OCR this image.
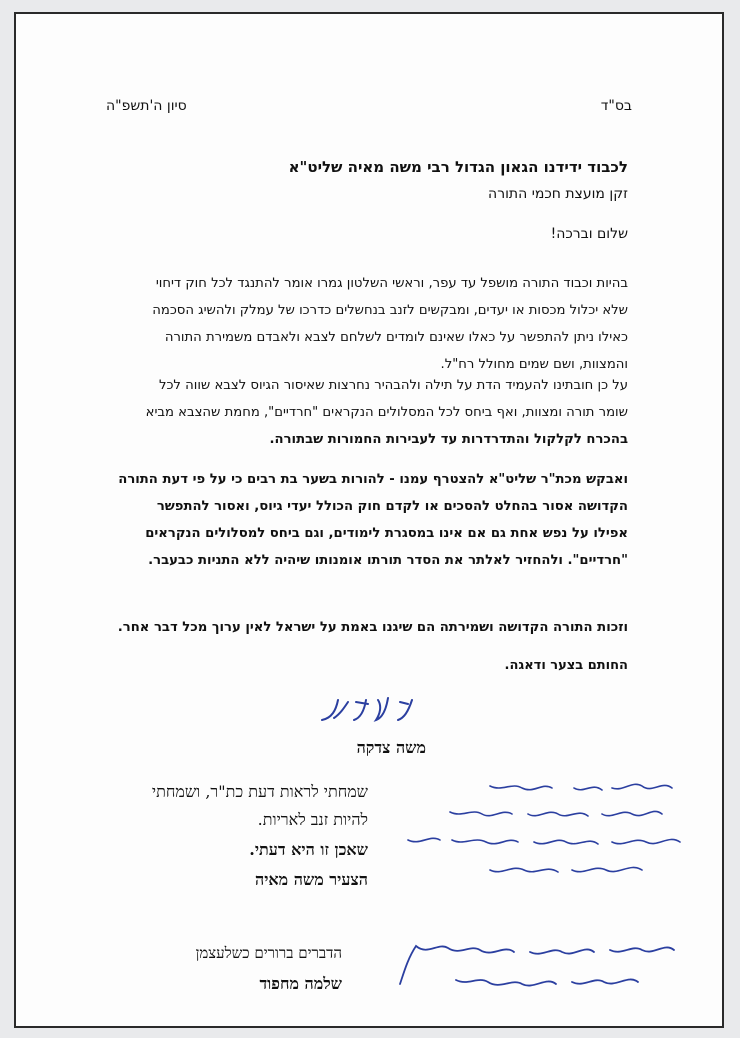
בס"ד
סיון ה'תשפ"ה
לכבוד ידידנו הגאון הגדול רבי משה מאיה שליט"א
זקן מועצת חכמי התורה
שלום וברכה!
בהיות וכבוד התורה מושפל עד עפר, וראשי השלטון גמרו אומר להתנגד לכל חוק דיחוי
שלא יכלול מכסות או יעדים, ומבקשים לזנב בנחשלים כדרכו של עמלק ולהשיג הסכמה
כאילו ניתן להתפשר על כאלו שאינם לומדים לשלחם לצבא ולאבדם משמירת התורה
והמצוות, ושם שמים מחולל רח"ל.
על כן חובתינו להעמיד הדת על תילה ולהבהיר נחרצות שאיסור הגיוס לצבא שווה לכל
שומר תורה ומצוות, ואף ביחס לכל המסלולים הנקראים "חרדיים", מחמת שהצבא מביא
בהכרח לקלקול והתדרדרות עד לעבירות החמורות שבתורה.
ואבקש מכת"ר שליט"א להצטרף עמנו - להורות בשער בת רבים כי על פי דעת התורה
הקדושה אסור בהחלט להסכים או לקדם חוק הכולל יעדי גיוס, ואסור להתפשר
אפילו על נפש אחת גם אם אינו במסגרת לימודים, וגם ביחס למסלולים הנקראים
"חרדיים". ולהחזיר לאלתר את הסדר תורתו אומנותו שיהיה ללא התניות כבעבר.
וזכות התורה הקדושה ושמירתה הם שיגנו באמת על ישראל לאין ערוך מכל דבר אחר.
החותם בצער ודאגה.
משה צדקה
שמחתי לראות דעת כת"ר, ושמחתי
להיות זנב לאריות.
שאכן זו היא דעתי.
הצעיר משה מאיה
הדברים ברורים כשלעצמן
שלמה מחפוד
